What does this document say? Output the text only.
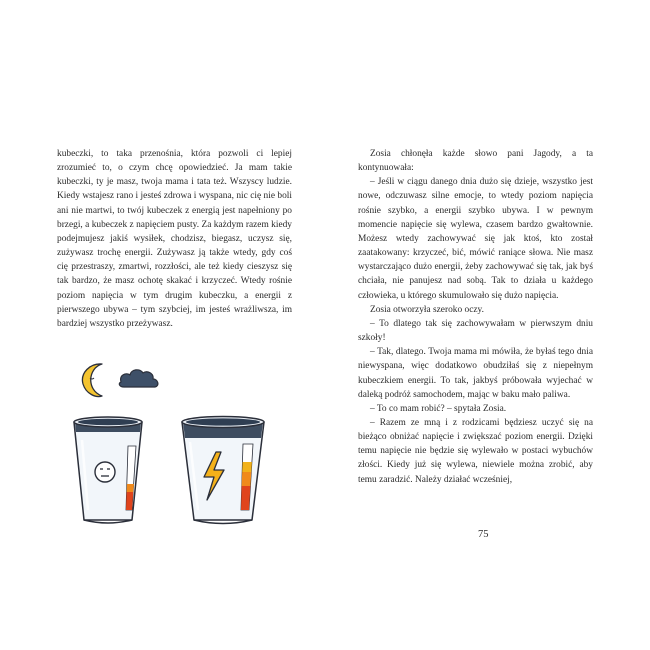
kubeczki, to taka przenośnia, która pozwoli ci lepiej zrozumieć to, o czym chcę opowiedzieć. Ja mam takie kubeczki, ty je masz, twoja mama i tata też. Wszyscy ludzie. Kiedy wstajesz rano i jesteś zdrowa i wyspana, nic cię nie boli ani nie martwi, to twój kubeczek z energią jest napełniony po brzegi, a kubeczek z napięciem pusty. Za każdym razem kiedy podejmujesz jakiś wysiłek, chodzisz, biegasz, uczysz się, zużywasz trochę energii. Zużywasz ją także wtedy, gdy coś cię przestraszy, zmartwi, rozzłości, ale też kiedy cieszysz się tak bardzo, że masz ochotę skakać i krzyczeć. Wtedy rośnie poziom napięcia w tym drugim kubeczku, a energii z pierwszego ubywa – tym szybciej, im jesteś wrażliwsza, im bardziej wszystko przeżywasz.

Zosia chłonęła każde słowo pani Jagody, a ta kontynuowała:

– Jeśli w ciągu danego dnia dużo się dzieje, wszystko jest nowe, odczuwasz silne emocje, to wtedy poziom napięcia rośnie szybko, a energii szybko ubywa. I w pewnym momencie napięcie się wylewa, czasem bardzo gwałtownie. Możesz wtedy zachowywać się jak ktoś, kto został zaatakowany: krzyczeć, bić, mówić raniące słowa. Nie masz wystarczająco dużo energii, żeby zachowywać się tak, jak byś chciała, nie panujesz nad sobą. Tak to działa u każdego człowieka, u którego skumulowało się dużo napięcia.

Zosia otworzyła szeroko oczy.

– To dlatego tak się zachowywałam w pierwszym dniu szkoły!

– Tak, dlatego. Twoja mama mi mówiła, że byłaś tego dnia niewyspana, więc dodatkowo obudziłaś się z niepełnym kubeczkiem energii. To tak, jakbyś próbowała wyjechać w daleką podróż samochodem, mając w baku mało paliwa.

– To co mam robić? – spytała Zosia.

– Razem ze mną i z rodzicami będziesz uczyć się na bieżąco obniżać napięcie i zwiększać poziom energii. Dzięki temu napięcie nie będzie się wylewało w postaci wybuchów złości. Kiedy już się wylewa, niewiele można zrobić, aby temu zaradzić. Należy działać wcześniej,

75
